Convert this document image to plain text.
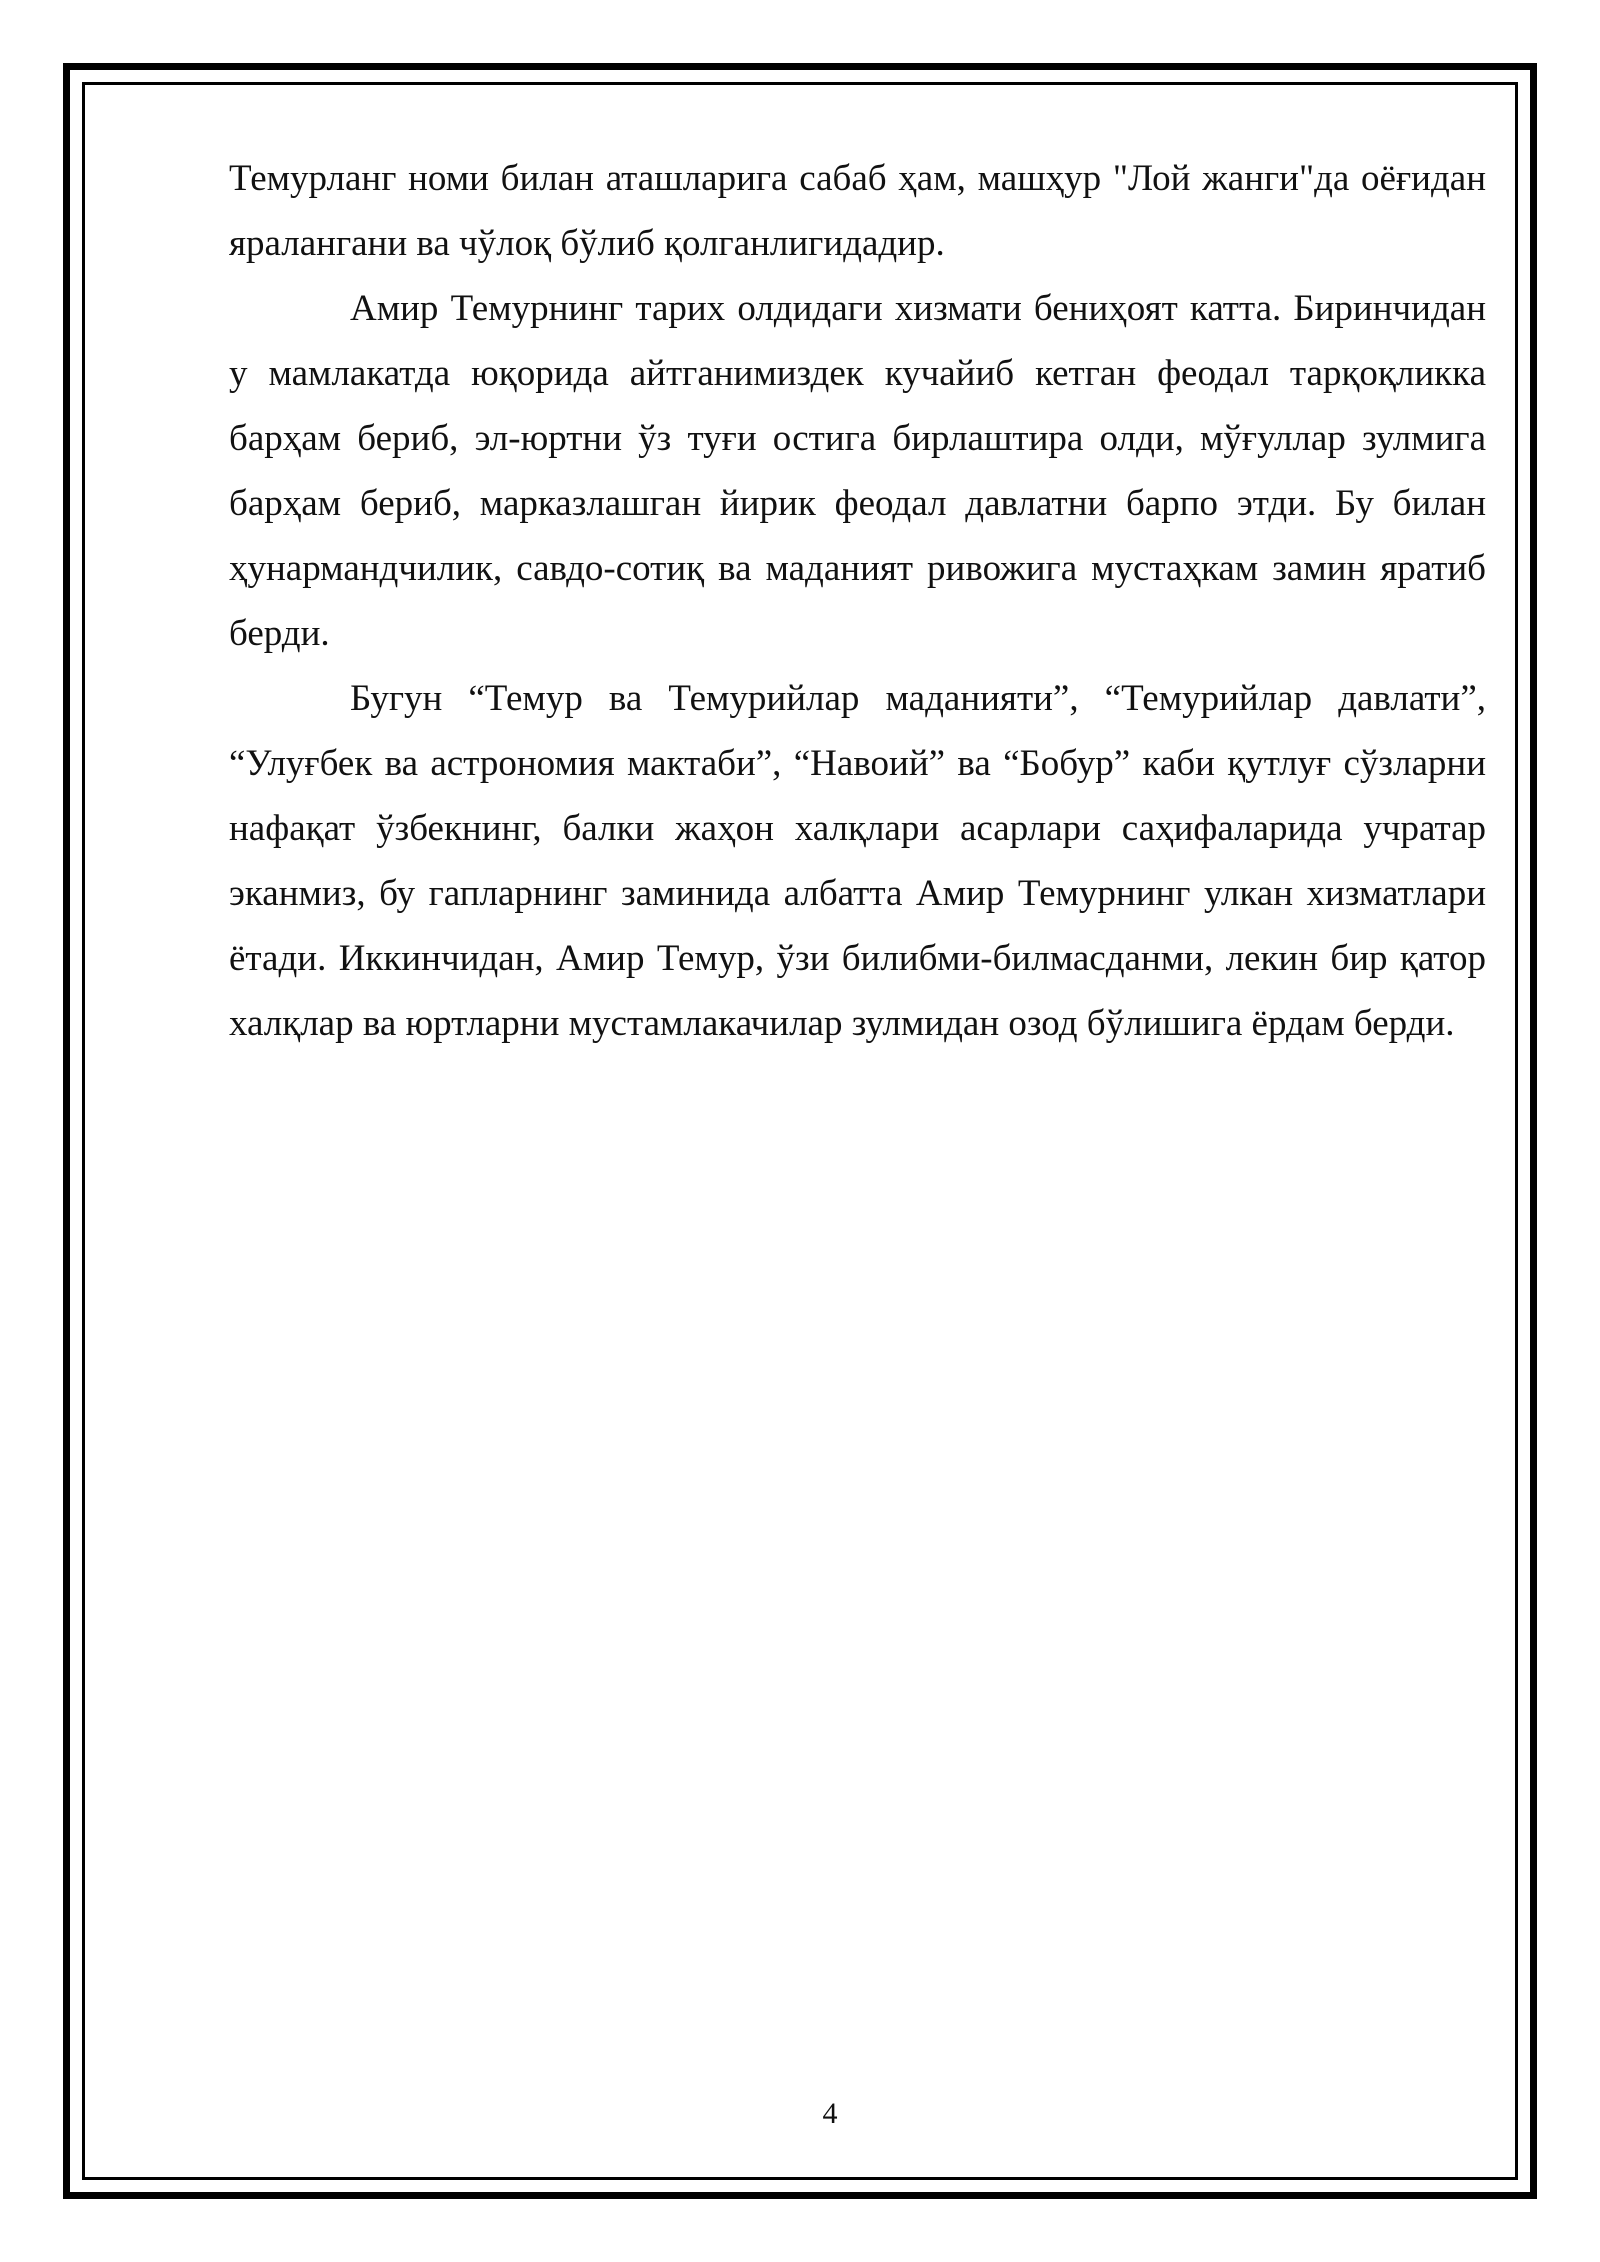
Темурланг номи билан аташларига сабаб ҳам, машҳур "Лой жанги"да оёғидан яралангани ва чўлоқ бўлиб қолганлигидадир.

Амир Темурнинг тарих олдидаги хизмати бениҳоят катта. Биринчидан у мамлакатда юқорида айтганимиздек кучайиб кетган феодал тарқоқликка барҳам бериб, эл-юртни ўз туғи остига бирлаштира олди, мўғуллар зулмига барҳам бериб, марказлашган йирик феодал давлатни барпо этди. Бу билан ҳунармандчилик, савдо-сотиқ ва маданият ривожига мустаҳкам замин яратиб берди.

Бугун “Темур ва Темурийлар маданияти”, “Темурийлар давлати”, “Улуғбек ва астрономия мактаби”, “Навоий” ва “Бобур” каби қутлуғ сўзларни нафақат ўзбекнинг, балки жаҳон халқлари асарлари саҳифаларида учратар эканмиз, бу гапларнинг заминида албатта Амир Темурнинг улкан хизматлари ётади. Иккинчидан, Амир Темур, ўзи билибми-билмасданми, лекин бир қатор халқлар ва юртларни мустамлакачилар зулмидан озод бўлишига ёрдам берди.

4
